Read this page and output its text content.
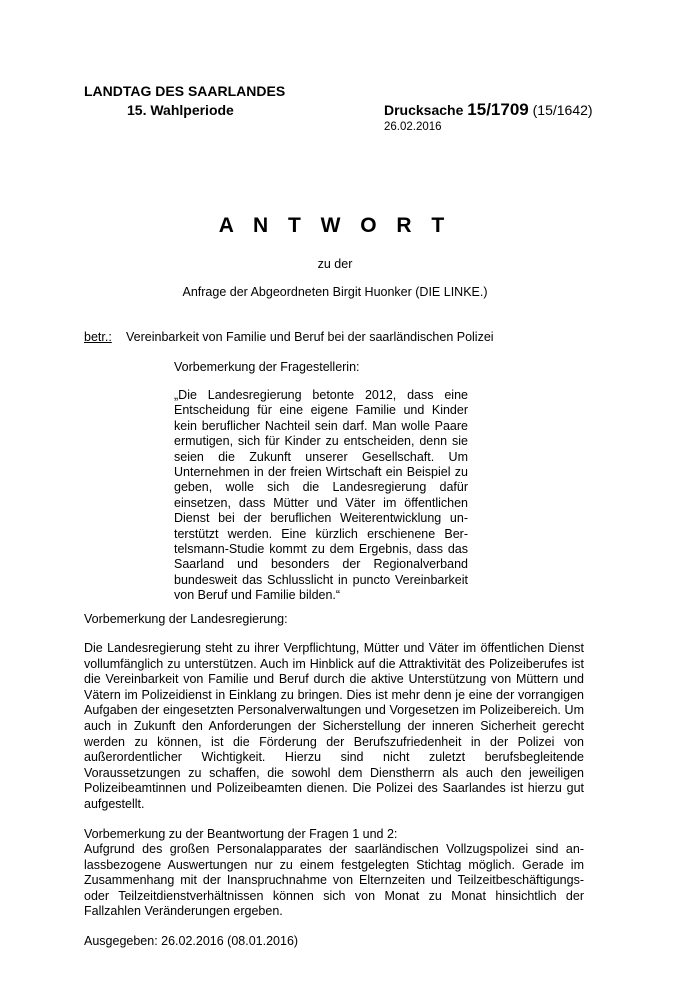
LANDTAG DES SAARLANDES
15. Wahlperiode	Drucksache 15/1709 (15/1642)
26.02.2016
A N T W O R T
zu der
Anfrage der Abgeordneten Birgit Huonker (DIE LINKE.)
betr.: Vereinbarkeit von Familie und Beruf bei der saarländischen Polizei
Vorbemerkung der Fragestellerin:
„Die Landesregierung betonte 2012, dass eine Entscheidung für eine eigene Familie und Kinder kein beruflicher Nachteil sein darf. Man wolle Paare ermutigen, sich für Kinder zu entscheiden, denn sie seien die Zukunft unserer Gesellschaft. Um Unternehmen in der freien Wirtschaft ein Beispiel zu geben, wolle sich die Landesregierung dafür einsetzen, dass Mütter und Väter im öffentlichen Dienst bei der beruflichen Weiterentwicklung unterstützt werden. Eine kürzlich erschienene Bertelsmann-Studie kommt zu dem Ergebnis, dass das Saarland und besonders der Regionalverband bundesweit das Schlusslicht in puncto Vereinbarkeit von Beruf und Familie bilden.“
Vorbemerkung der Landesregierung:
Die Landesregierung steht zu ihrer Verpflichtung, Mütter und Väter im öffentlichen Dienst vollumfänglich zu unterstützen. Auch im Hinblick auf die Attraktivität des Polizeiberufes ist die Vereinbarkeit von Familie und Beruf durch die aktive Unterstützung von Müttern und Vätern im Polizeidienst in Einklang zu bringen. Dies ist mehr denn je eine der vorrangigen Aufgaben der eingesetzten Personalverwaltungen und Vorgesetzen im Polizeibereich. Um auch in Zukunft den Anforderungen der Sicherstellung der inneren Sicherheit gerecht werden zu können, ist die Förderung der Berufszufriedenheit in der Polizei von außerordentlicher Wichtigkeit. Hierzu sind nicht zuletzt berufsbegleitende Voraussetzungen zu schaffen, die sowohl dem Dienstherrn als auch den jeweiligen Polizeibeamtinnen und Polizeibeamten dienen. Die Polizei des Saarlandes ist hierzu gut aufgestellt.
Vorbemerkung zu der Beantwortung der Fragen 1 und 2:
Aufgrund des großen Personalapparates der saarländischen Vollzugspolizei sind anlassbezogene Auswertungen nur zu einem festgelegten Stichtag möglich. Gerade im Zusammenhang mit der Inanspruchnahme von Elternzeiten und Teilzeitbeschäftigungs- oder Teilzeitdienstverhältnissen können sich von Monat zu Monat hinsichtlich der Fallzahlen Veränderungen ergeben.
Ausgegeben: 26.02.2016 (08.01.2016)
